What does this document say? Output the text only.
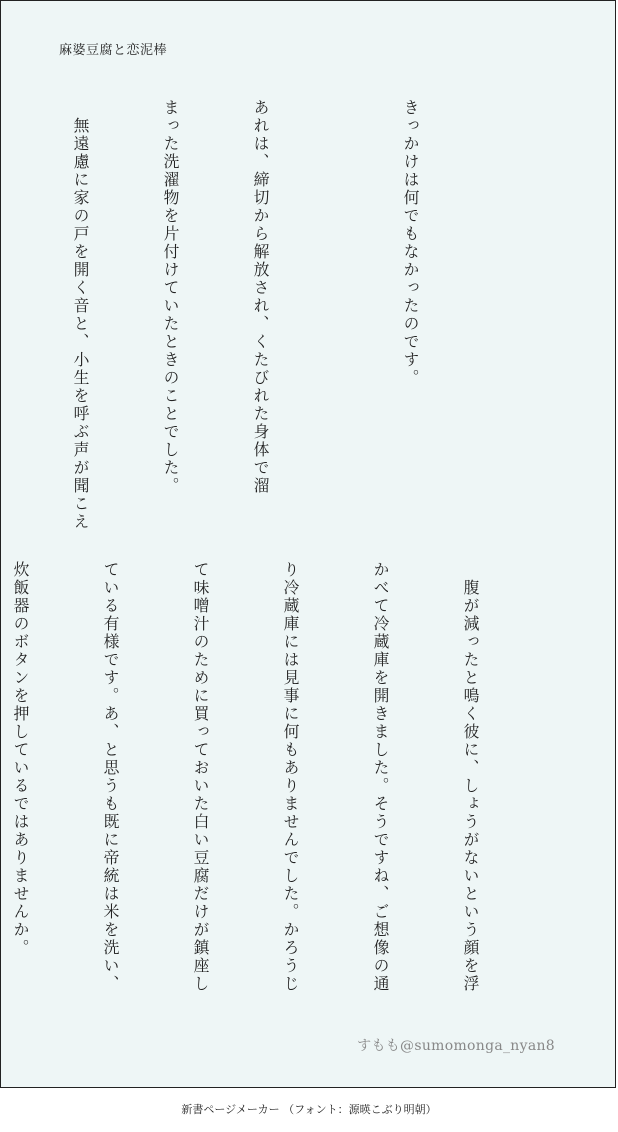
麻婆豆腐と恋泥棒

きっかけは何でもなかったのです。

あれは、締切から解放され、くたびれた身体で溜

まった洗濯物を片付けていたときのことでした。

　無遠慮に家の戸を開く音と、小生を呼ぶ声が聞こえ

　腹が減ったと鳴く彼に、しょうがないという顔を浮

かべて冷蔵庫を開きました。そうですね、ご想像の通

り冷蔵庫には見事に何もありませんでした。かろうじ

て味噌汁のために買っておいた白い豆腐だけが鎮座し

ている有様です。あ、と思うも既に帝統は米を洗い、

炊飯器のボタンを押しているではありませんか。

すもも@sumomonga_nyan8
新書ページメーカー （フォント：源暎こぶり明朝）
